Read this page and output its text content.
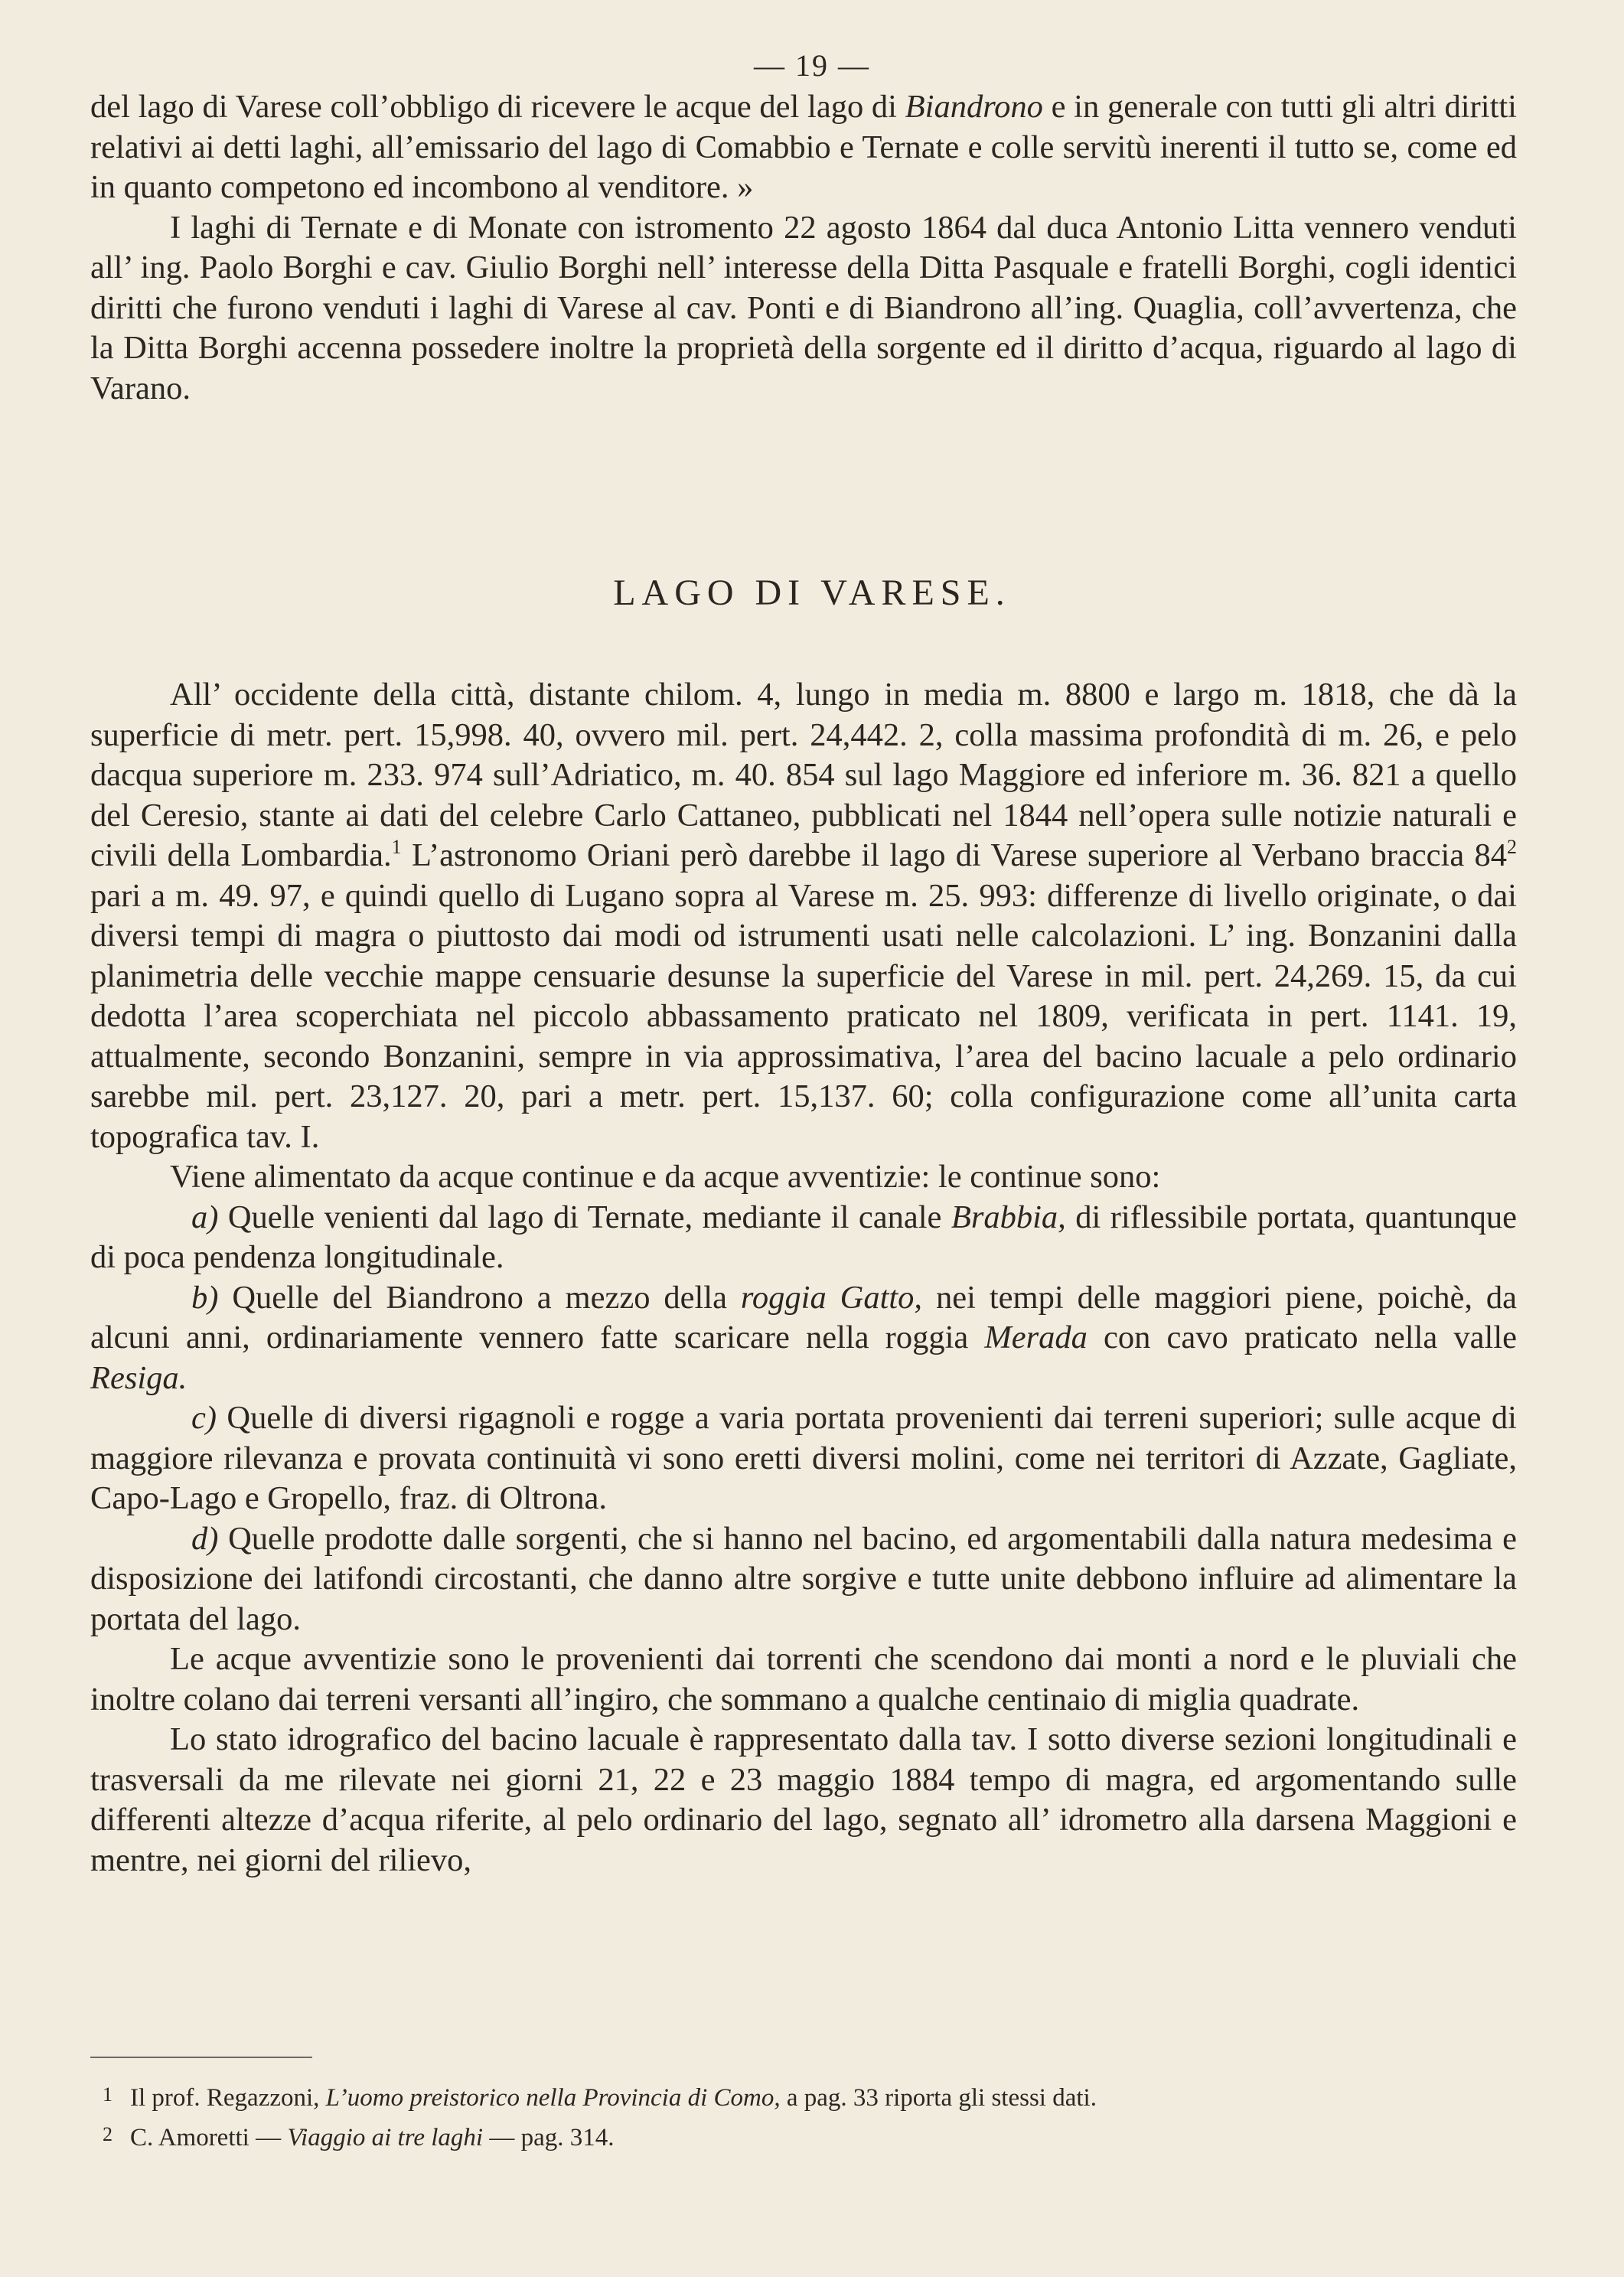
— 19 —

del lago di Varese coll’obbligo di ricevere le acque del lago di Biandrono e in generale con tutti gli altri diritti relativi ai detti laghi, all’emissario del lago di Comabbio e Ternate e colle servitù inerenti il tutto se, come ed in quanto competono ed incombono al venditore. »

I laghi di Ternate e di Monate con istromento 22 agosto 1864 dal duca Antonio Litta vennero venduti all’ ing. Paolo Borghi e cav. Giulio Borghi nell’ interesse della Ditta Pasquale e fratelli Borghi, cogli identici diritti che furono venduti i laghi di Varese al cav. Ponti e di Biandrono all’ing. Quaglia, coll’avvertenza, che la Ditta Borghi accenna possedere inoltre la proprietà della sorgente ed il diritto d’acqua, riguardo al lago di Varano.

LAGO DI VARESE.

All’ occidente della città, distante chilom. 4, lungo in media m. 8800 e largo m. 1818, che dà la superficie di metr. pert. 15,998. 40, ovvero mil. pert. 24,442. 2, colla massima profondità di m. 26, e pelo dacqua superiore m. 233. 974 sull’Adriatico, m. 40. 854 sul lago Maggiore ed inferiore m. 36. 821 a quello del Ceresio, stante ai dati del celebre Carlo Cattaneo, pubblicati nel 1844 nell’opera sulle notizie naturali e civili della Lombardia.$^1$ L’astronomo Oriani però darebbe il lago di Varese superiore al Verbano braccia $84^2$ pari a m. 49. 97, e quindi quello di Lugano sopra al Varese m. 25. 993: differenze di livello originate, o dai diversi tempi di magra o piuttosto dai modi od istrumenti usati nelle calcolazioni. L’ ing. Bonzanini dalla planimetria delle vecchie mappe censuarie desunse la superficie del Varese in mil. pert. 24,269. 15, da cui dedotta l’area scoperchiata nel piccolo abbassamento praticato nel 1809, verificata in pert. 1141. 19, attualmente, secondo Bonzanini, sempre in via approssimativa, l’area del bacino lacuale a pelo ordinario sarebbe mil. pert. 23,127. 20, pari a metr. pert. 15,137. 60; colla configurazione come all’unita carta topografica tav. I.

Viene alimentato da acque continue e da acque avventizie: le continue sono:

a) Quelle venienti dal lago di Ternate, mediante il canale Brabbia, di riflessibile portata, quantunque di poca pendenza longitudinale.

b) Quelle del Biandrono a mezzo della roggia Gatto, nei tempi delle maggiori piene, poichè, da alcuni anni, ordinariamente vennero fatte scaricare nella roggia Merada con cavo praticato nella valle Resiga.

c) Quelle di diversi rigagnoli e rogge a varia portata provenienti dai terreni superiori; sulle acque di maggiore rilevanza e provata continuità vi sono eretti diversi molini, come nei territori di Azzate, Gagliate, Capo-Lago e Gropello, fraz. di Oltrona.

d) Quelle prodotte dalle sorgenti, che si hanno nel bacino, ed argomentabili dalla natura medesima e disposizione dei latifondi circostanti, che danno altre sorgive e tutte unite debbono influire ad alimentare la portata del lago.

Le acque avventizie sono le provenienti dai torrenti che scendono dai monti a nord e le pluviali che inoltre colano dai terreni versanti all’ingiro, che sommano a qualche centinaio di miglia quadrate.

Lo stato idrografico del bacino lacuale è rappresentato dalla tav. I sotto diverse sezioni longitudinali e trasversali da me rilevate nei giorni 21, 22 e 23 maggio 1884 tempo di magra, ed argomentando sulle differenti altezze d’acqua riferite, al pelo ordinario del lago, segnato all’ idrometro alla darsena Maggioni e mentre, nei giorni del rilievo,

1 Il prof. Regazzoni, L’uomo preistorico nella Provincia di Como, a pag. 33 riporta gli stessi dati.

2 C. Amoretti — Viaggio ai tre laghi — pag. 314.
